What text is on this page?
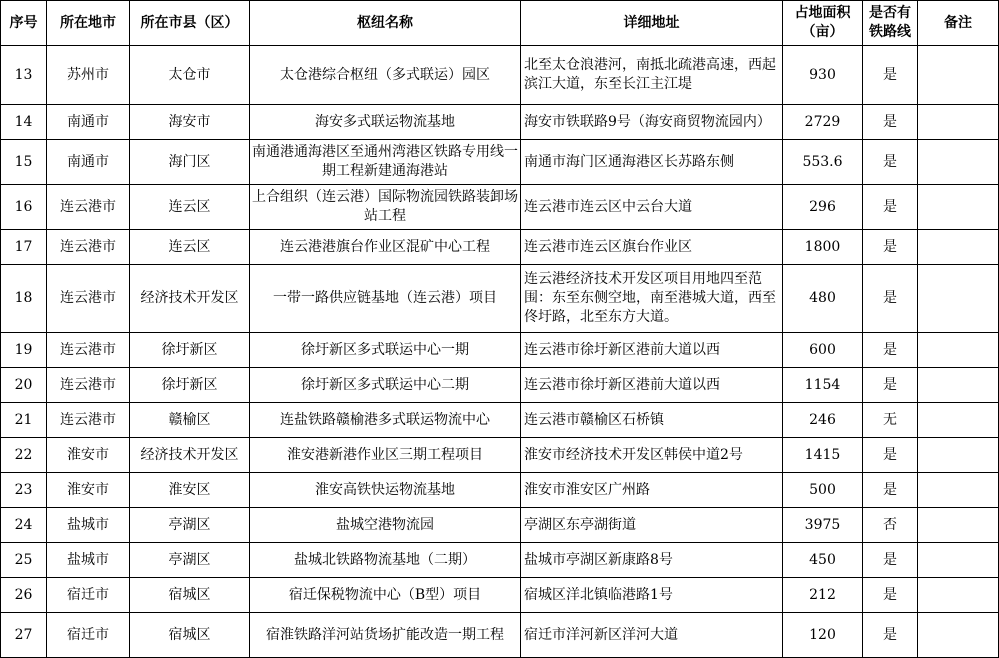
序号	所在地市	所在市县（区）	枢纽名称	详细地址	占地面积（亩）	是否有铁路线	备注
13	苏州市	太仓市	太仓港综合枢纽（多式联运）园区	北至太仓浪港河，南抵北疏港高速，西起滨江大道，东至长江主江堤	930	是	
14	南通市	海安市	海安多式联运物流基地	海安市铁联路9号（海安商贸物流园内）	2729	是	
15	南通市	海门区	南通港通海港区至通州湾港区铁路专用线一期工程新建通海港站	南通市海门区通海港区长苏路东侧	553.6	是	
16	连云港市	连云区	上合组织（连云港）国际物流园铁路装卸场站工程	连云港市连云区中云台大道	296	是	
17	连云港市	连云区	连云港港旗台作业区混矿中心工程	连云港市连云区旗台作业区	1800	是	
18	连云港市	经济技术开发区	一带一路供应链基地（连云港）项目	连云港经济技术开发区项目用地四至范围：东至东侧空地，南至港城大道，西至佟圩路，北至东方大道。	480	是	
19	连云港市	徐圩新区	徐圩新区多式联运中心一期	连云港市徐圩新区港前大道以西	600	是	
20	连云港市	徐圩新区	徐圩新区多式联运中心二期	连云港市徐圩新区港前大道以西	1154	是	
21	连云港市	赣榆区	连盐铁路赣榆港多式联运物流中心	连云港市赣榆区石桥镇	246	无	
22	淮安市	经济技术开发区	淮安港新港作业区三期工程项目	淮安市经济技术开发区韩侯中道2号	1415	是	
23	淮安市	淮安区	淮安高铁快运物流基地	淮安市淮安区广州路	500	是	
24	盐城市	亭湖区	盐城空港物流园	亭湖区东亭湖街道	3975	否	
25	盐城市	亭湖区	盐城北铁路物流基地（二期）	盐城市亭湖区新康路8号	450	是	
26	宿迁市	宿城区	宿迁保税物流中心（B型）项目	宿城区洋北镇临港路1号	212	是	
27	宿迁市	宿城区	宿淮铁路洋河站货场扩能改造一期工程	宿迁市洋河新区洋河大道	120	是	
